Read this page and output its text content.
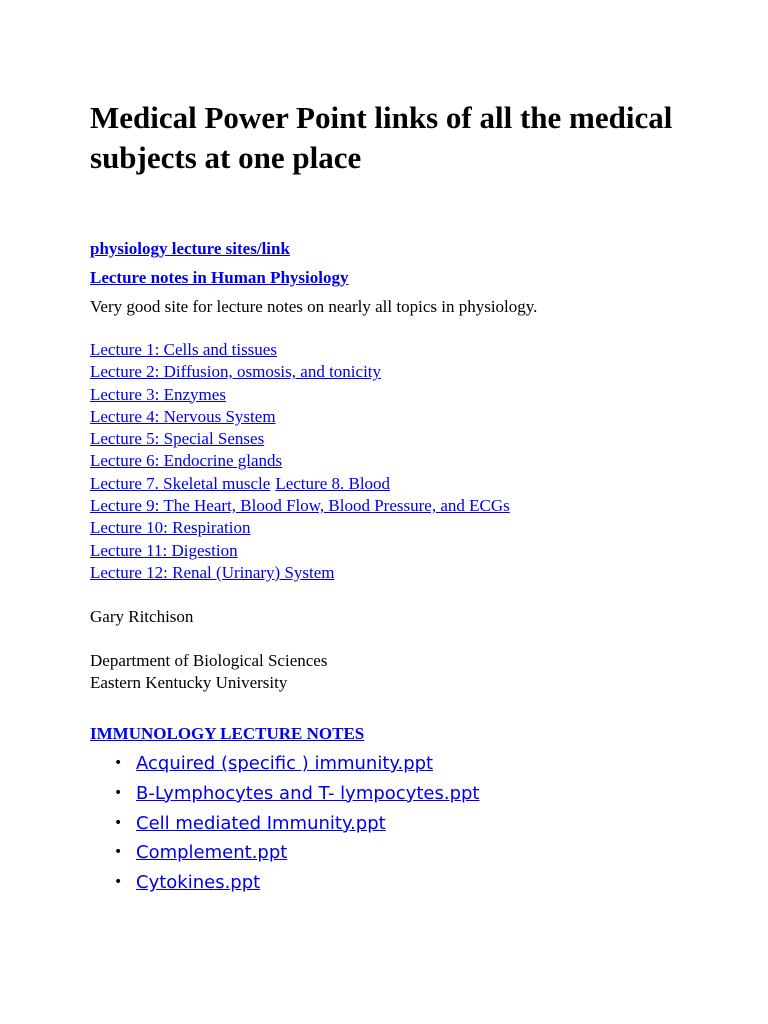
Medical Power Point links of all the medical subjects at one place
physiology lecture sites/link
Lecture notes in Human Physiology
Very good site for lecture notes on nearly all topics in physiology.
Lecture 1: Cells and tissues
Lecture 2: Diffusion, osmosis, and tonicity
Lecture 3: Enzymes
Lecture 4: Nervous System
Lecture 5: Special Senses
Lecture 6: Endocrine glands
Lecture 7. Skeletal muscle Lecture 8. Blood
Lecture 9: The Heart, Blood Flow, Blood Pressure, and ECGs
Lecture 10: Respiration
Lecture 11: Digestion
Lecture 12: Renal (Urinary) System
Gary Ritchison
Department of Biological Sciences
Eastern Kentucky University
IMMUNOLOGY LECTURE NOTES
• Acquired (specific ) immunity.ppt
• B-Lymphocytes and T- lympocytes.ppt
• Cell mediated Immunity.ppt
• Complement.ppt
• Cytokines.ppt
